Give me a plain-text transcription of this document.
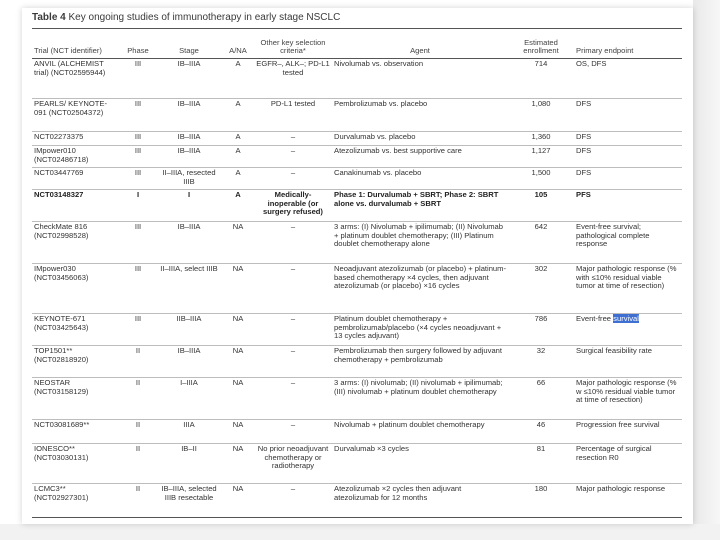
Table 4 Key ongoing studies of immunotherapy in early stage NSCLC
Trial (NCT identifier)	Phase	Stage	A/NA	Other key selection criteria*	Agent	Estimated enrollment	Primary endpoint
ANVIL (ALCHEMIST trial) (NCT02595944)	III	IB–IIIA	A	EGFR–, ALK–; PD-L1 tested	Nivolumab vs. observation	714	OS, DFS
PEARLS/ KEYNOTE-091 (NCT02504372)	III	IB–IIIA	A	PD-L1 tested	Pembrolizumab vs. placebo	1,080	DFS
NCT02273375	III	IB–IIIA	A	–	Durvalumab vs. placebo	1,360	DFS
IMpower010 (NCT02486718)	III	IB–IIIA	A	–	Atezolizumab vs. best supportive care	1,127	DFS
NCT03447769	III	II–IIIA, resected IIIB	A	–	Canakinumab vs. placebo	1,500	DFS
NCT03148327	I	I	A	Medically-inoperable (or surgery refused)	Phase 1: Durvalumab + SBRT; Phase 2: SBRT alone vs. durvalumab + SBRT	105	PFS
CheckMate 816 (NCT02998528)	III	IB–IIIA	NA	–	3 arms: (I) Nivolumab + ipilimumab; (II) Nivolumab + platinum doublet chemotherapy; (III) Platinum doublet chemotherapy alone	642	Event-free survival; pathological complete response
IMpower030 (NCT03456063)	III	II–IIIA, select IIIB	NA	–	Neoadjuvant atezolizumab (or placebo) + platinum-based chemotherapy ×4 cycles, then adjuvant atezolizumab (or placebo) ×16 cycles	302	Major pathologic response (% with ≤10% residual viable tumor at time of resection)
KEYNOTE-671 (NCT03425643)	III	IIB–IIIA	NA	–	Platinum doublet chemotherapy + pembrolizumab/placebo (×4 cycles neoadjuvant + 13 cycles adjuvant)	786	Event-free survival
TOP1501** (NCT02818920)	II	IB–IIIA	NA	–	Pembrolizumab then surgery followed by adjuvant chemotherapy + pembrolizumab	32	Surgical feasibility rate
NEOSTAR (NCT03158129)	II	I–IIIA	NA	–	3 arms: (I) nivolumab; (II) nivolumab + ipilimumab; (III) nivolumab + platinum doublet chemotherapy	66	Major pathologic response (% w ≤10% residual viable tumor at time of resection)
NCT03081689**	II	IIIA	NA	–	Nivolumab + platinum doublet chemotherapy	46	Progression free survival
IONESCO** (NCT03030131)	II	IB–II	NA	No prior neoadjuvant chemotherapy or radiotherapy	Durvalumab ×3 cycles	81	Percentage of surgical resection R0
LCMC3** (NCT02927301)	II	IB–IIIA, selected IIIB resectable	NA	–	Atezolizumab ×2 cycles then adjuvant atezolizumab for 12 months	180	Major pathologic response
